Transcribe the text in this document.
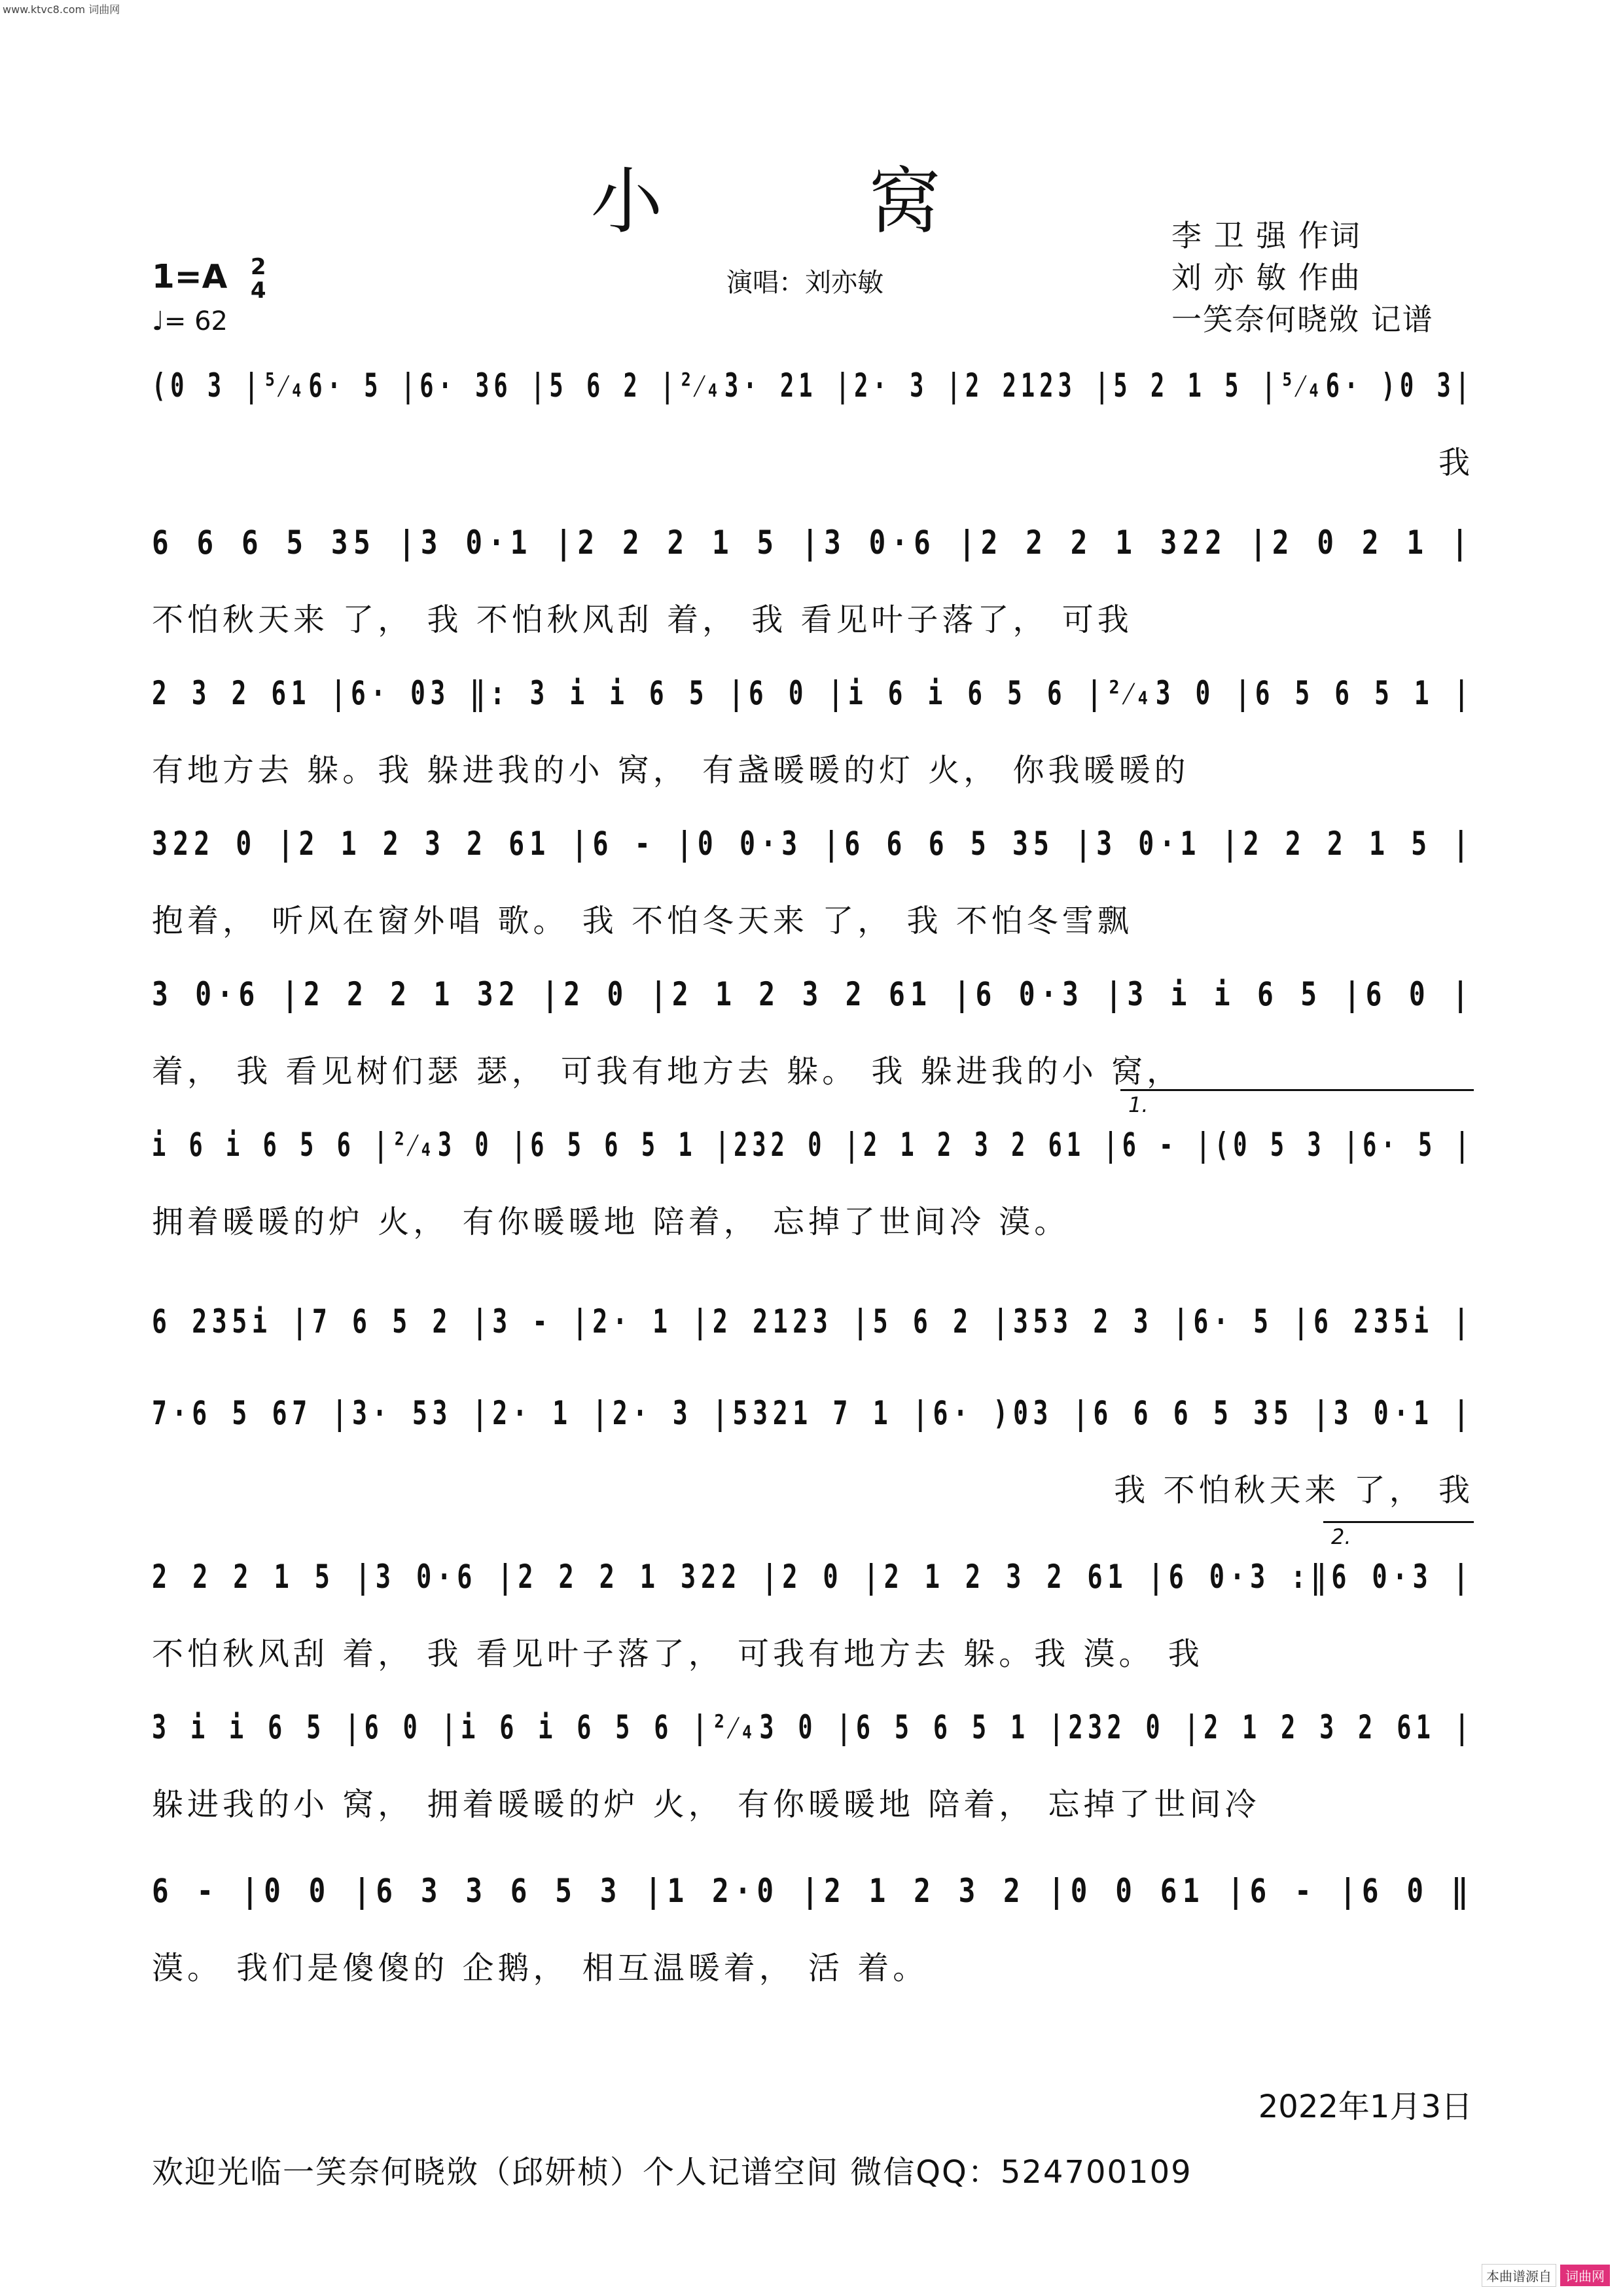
www.ktvc8.com 词曲网
小 窝
1=A 2
4
♩= 62
演唱：刘亦敏
李 卫 强 作词
刘 亦 敏 作曲
一笑奈何晓敚 记谱
(0 3 |⁵⁄₄6· 5 |6· 36 |5 6 2 |²⁄₄3· 21 |2· 3 |2 2123 |5 2 1 5 |⁵⁄₄6· )0 3|
我
6 6 6 5 35 |3 0·1 |2 2 2 1 5 |3 0·6 |2 2 2 1 322 |2 0 2 1 |
不怕秋天来 了， 我 不怕秋风刮 着， 我 看见叶子落了， 可我
2 3 2 61 |6· 03 ‖: 3 i i 6 5 |6 0 |i 6 i 6 5 6 |²⁄₄3 0 |6 5 6 5 1 |
有地方去 躲。我 躲进我的小 窝， 有盏暖暖的灯 火， 你我暖暖的
322 0 |2 1 2 3 2 61 |6 - |0 0·3 |6 6 6 5 35 |3 0·1 |2 2 2 1 5 |
抱着， 听风在窗外唱 歌。 我 不怕冬天来 了， 我 不怕冬雪飘
3 0·6 |2 2 2 1 32 |2 0 |2 1 2 3 2 61 |6 0·3 |3 i i 6 5 |6 0 |
着， 我 看见树们瑟 瑟， 可我有地方去 躲。 我 躲进我的小 窝，
i 6 i 6 5 6 |²⁄₄3 0 |6 5 6 5 1 |232 0 |2 1 2 3 2 61 |6 - |(0 5 3 |6· 5 |
拥着暖暖的炉 火， 有你暖暖地 陪着， 忘掉了世间冷 漠。
1.
6 235i |7 6 5 2 |3 - |2· 1 |2 2123 |5 6 2 |353 2 3 |6· 5 |6 235i |
7·6 5 67 |3· 53 |2· 1 |2· 3 |5321 7 1 |6· )03 |6 6 6 5 35 |3 0·1 |
我 不怕秋天来 了， 我
2 2 2 1 5 |3 0·6 |2 2 2 1 322 |2 0 |2 1 2 3 2 61 |6 0·3 :‖6 0·3 |
不怕秋风刮 着， 我 看见叶子落了， 可我有地方去 躲。我 漠。 我
2.
3 i i 6 5 |6 0 |i 6 i 6 5 6 |²⁄₄3 0 |6 5 6 5 1 |232 0 |2 1 2 3 2 61 |
躲进我的小 窝， 拥着暖暖的炉 火， 有你暖暖地 陪着， 忘掉了世间冷
6 - |0 0 |6 3 3 6 5 3 |1 2·0 |2 1 2 3 2 |0 0 61 |6 - |6 0 ‖
漠。 我们是傻傻的 企鹅， 相互温暖着， 活 着。
2022年1月3日
欢迎光临一笑奈何晓敚（邱妍桢）个人记谱空间 微信QQ：524700109
本曲谱源自 词曲网
